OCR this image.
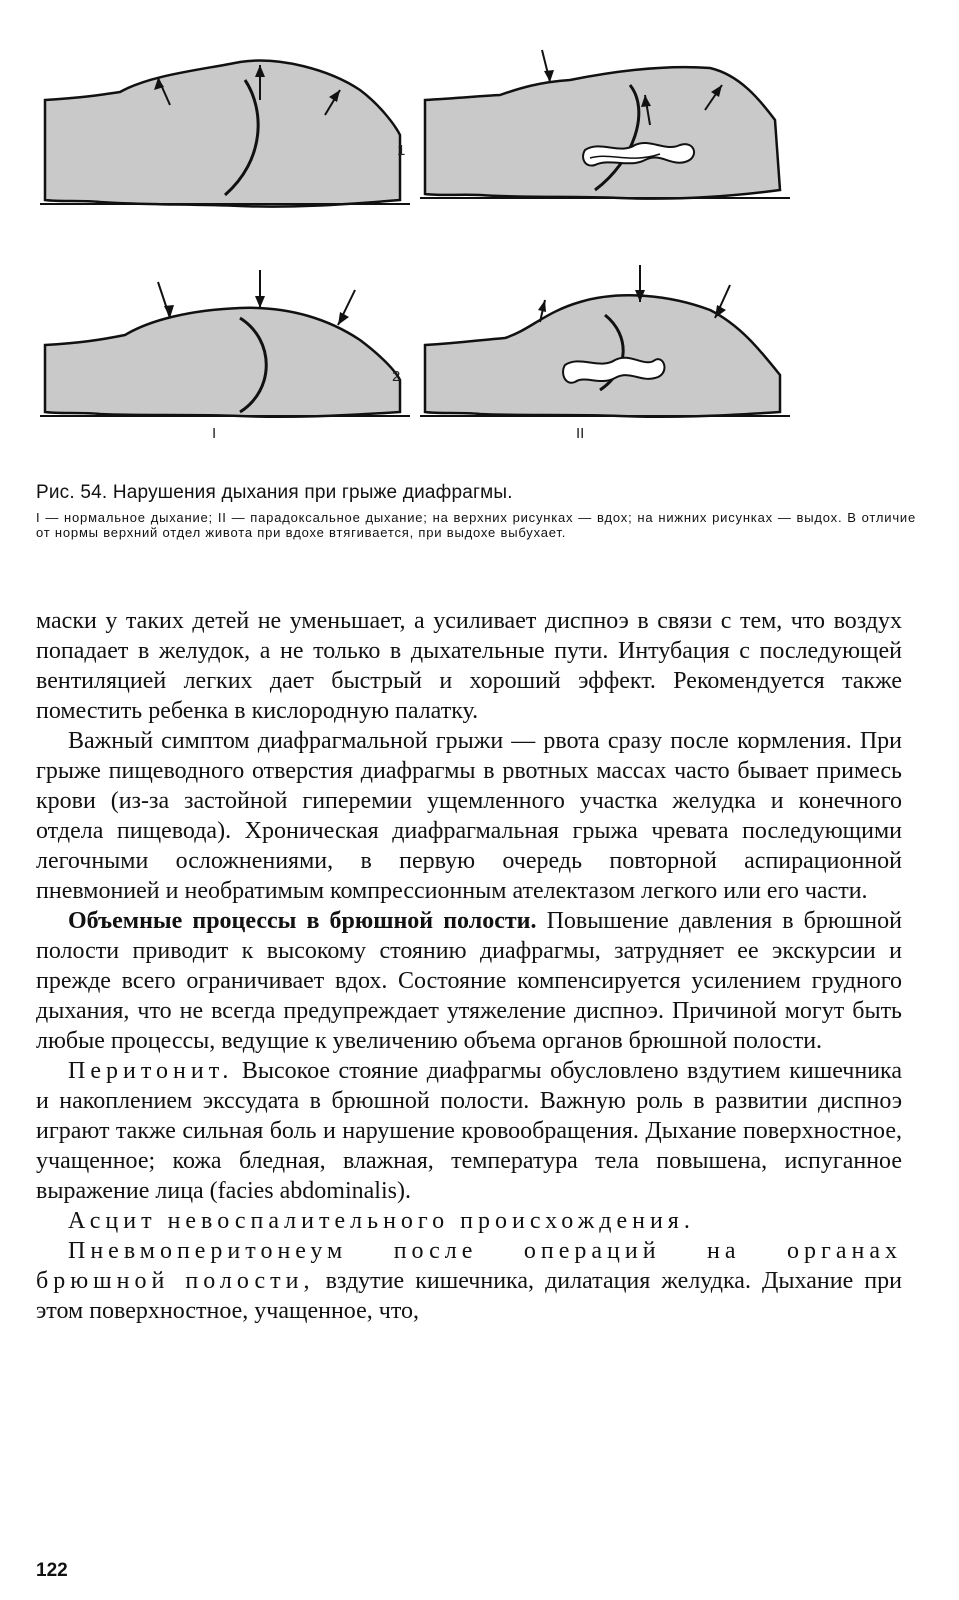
1
2
I	II

Рис. 54. Нарушения дыхания при грыже диафрагмы.

I — нормальное дыхание; II — парадоксальное дыхание; на верхних рисунках — вдох; на нижних рисунках — выдох. В отличие от нормы верхний отдел живота при вдохе втягивается, при выдохе выбухает.

маски у таких детей не уменьшает, а усиливает диспноэ в связи с тем, что воздух попадает в желудок, а не только в дыхательные пути. Интубация с последующей вентиляцией легких дает быстрый и хороший эффект. Рекомендуется также поместить ребенка в кислородную палатку.

Важный симптом диафрагмальной грыжи — рвота сразу после кормления. При грыже пищеводного отверстия диафрагмы в рвотных массах часто бывает примесь крови (из-за застойной гиперемии ущемленного участка желудка и конечного отдела пищевода). Хроническая диафрагмальная грыжа чревата последующими легочными осложнениями, в первую очередь повторной аспирационной пневмонией и необратимым компрессионным ателектазом легкого или его части.

Объемные процессы в брюшной полости. Повышение давления в брюшной полости приводит к высокому стоянию диафрагмы, затрудняет ее экскурсии и прежде всего ограничивает вдох. Состояние компенсируется усилением грудного дыхания, что не всегда предупреждает утяжеление диспноэ. Причиной могут быть любые процессы, ведущие к увеличению объема органов брюшной полости.

Перитонит. Высокое стояние диафрагмы обусловлено вздутием кишечника и накоплением экссудата в брюшной полости. Важную роль в развитии диспноэ играют также сильная боль и нарушение кровообращения. Дыхание поверхностное, учащенное; кожа бледная, влажная, температура тела повышена, испуганное выражение лица (facies abdominalis).

Асцит невоспалительного происхождения.

Пневмоперитонеум после операций на органах брюшной полости, вздутие кишечника, дилатация желудка. Дыхание при этом поверхностное, учащенное, что,

122
